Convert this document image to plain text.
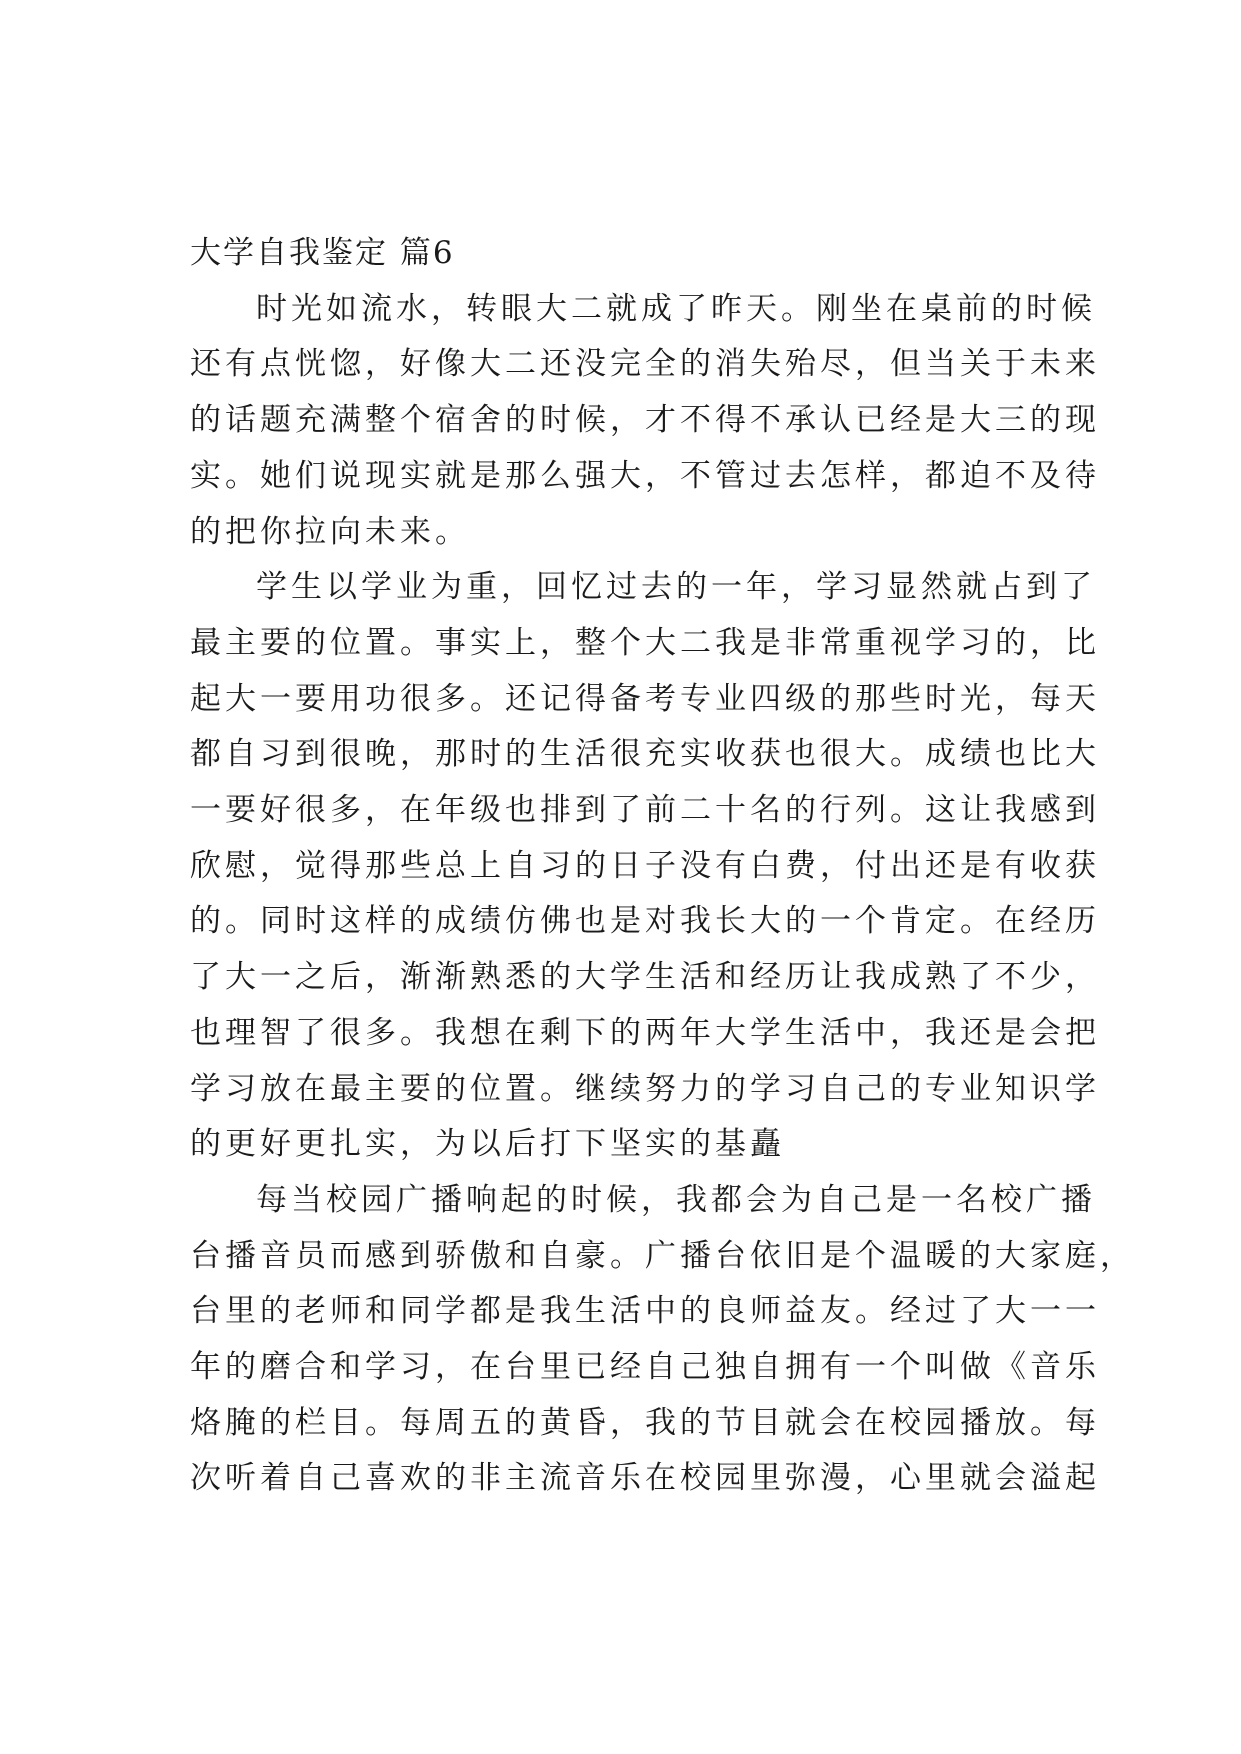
大学自我鉴定 篇6
时光如流水，转眼大二就成了昨天。刚坐在桌前的时候
还有点恍惚，好像大二还没完全的消失殆尽，但当关于未来
的话题充满整个宿舍的时候，才不得不承认已经是大三的现
实。她们说现实就是那么强大，不管过去怎样，都迫不及待
的把你拉向未来。
学生以学业为重，回忆过去的一年，学习显然就占到了
最主要的位置。事实上，整个大二我是非常重视学习的，比
起大一要用功很多。还记得备考专业四级的那些时光，每天
都自习到很晚，那时的生活很充实收获也很大。成绩也比大
一要好很多，在年级也排到了前二十名的行列。这让我感到
欣慰，觉得那些总上自习的日子没有白费，付出还是有收获
的。同时这样的成绩仿佛也是对我长大的一个肯定。在经历
了大一之后，渐渐熟悉的大学生活和经历让我成熟了不少，
也理智了很多。我想在剩下的两年大学生活中，我还是会把
学习放在最主要的位置。继续努力的学习自己的专业知识学
的更好更扎实，为以后打下坚实的基矗
每当校园广播响起的时候，我都会为自己是一名校广播
台播音员而感到骄傲和自豪。广播台依旧是个温暖的大家庭，
台里的老师和同学都是我生活中的良师益友。经过了大一一
年的磨合和学习，在台里已经自己独自拥有一个叫做《音乐
烙腌的栏目。每周五的黄昏，我的节目就会在校园播放。每
次听着自己喜欢的非主流音乐在校园里弥漫，心里就会溢起
